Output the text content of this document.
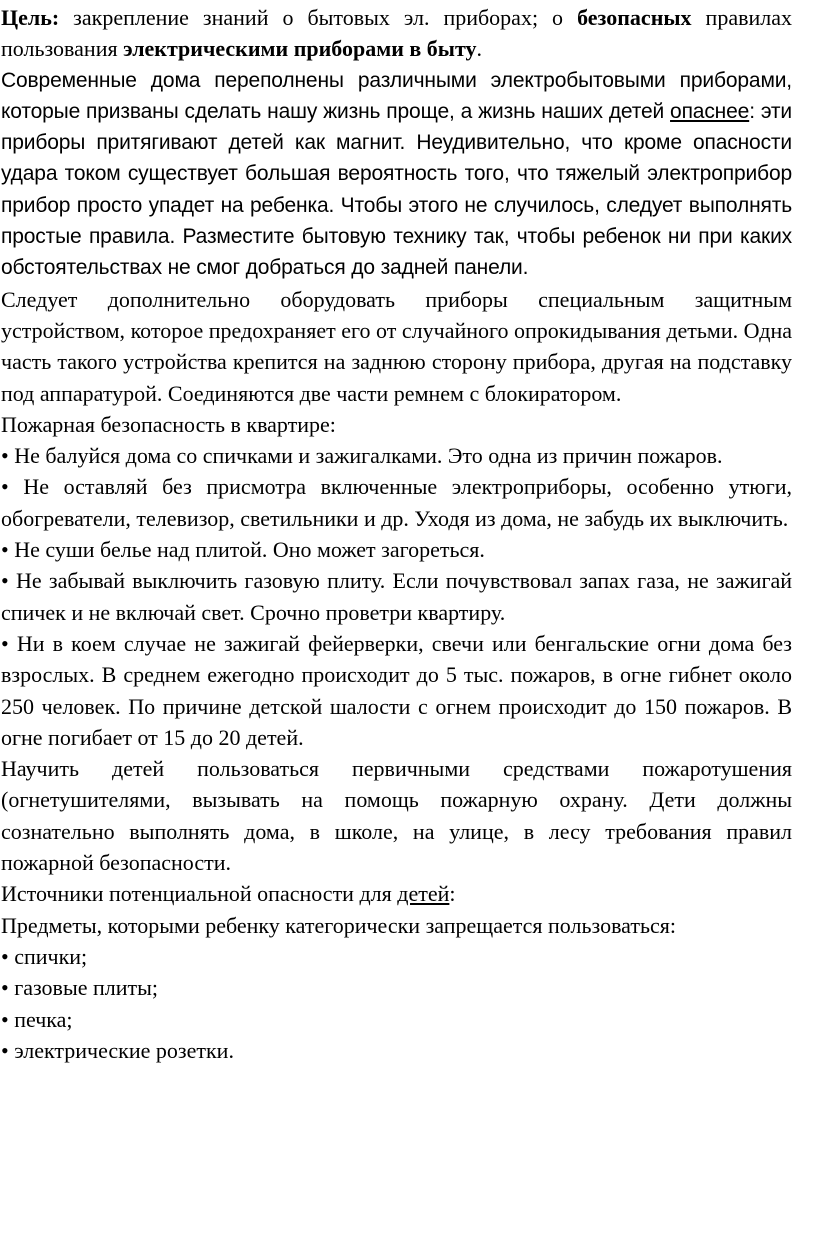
Цель: закрепление знаний о бытовых эл. приборах; о безопасных правилах пользования электрическими приборами в быту.

Современные дома переполнены различными электробытовыми приборами, которые призваны сделать нашу жизнь проще, а жизнь наших детей опаснее: эти приборы притягивают детей как магнит. Неудивительно, что кроме опасности удара током существует большая вероятность того, что тяжелый электроприбор прибор просто упадет на ребенка. Чтобы этого не случилось, следует выполнять простые правила. Разместите бытовую технику так, чтобы ребенок ни при каких обстоятельствах не смог добраться до задней панели.

Следует дополнительно оборудовать приборы специальным защитным устройством, которое предохраняет его от случайного опрокидывания детьми. Одна часть такого устройства крепится на заднюю сторону прибора, другая на подставку под аппаратурой. Соединяются две части ремнем с блокиратором.

Пожарная безопасность в квартире:

• Не балуйся дома со спичками и зажигалками. Это одна из причин пожаров.

• Не оставляй без присмотра включенные электроприборы, особенно утюги, обогреватели, телевизор, светильники и др. Уходя из дома, не забудь их выключить.

• Не суши белье над плитой. Оно может загореться.

• Не забывай выключить газовую плиту. Если почувствовал запах газа, не зажигай спичек и не включай свет. Срочно проветри квартиру.

• Ни в коем случае не зажигай фейерверки, свечи или бенгальские огни дома без взрослых. В среднем ежегодно происходит до 5 тыс. пожаров, в огне гибнет около 250 человек. По причине детской шалости с огнем происходит до 150 пожаров. В огне погибает от 15 до 20 детей.

Научить детей пользоваться первичными средствами пожаротушения (огнетушителями, вызывать на помощь пожарную охрану. Дети должны сознательно выполнять дома, в школе, на улице, в лесу требования правил пожарной безопасности.

Источники потенциальной опасности для детей:

Предметы, которыми ребенку категорически запрещается пользоваться:

• спички;

• газовые плиты;

• печка;

• электрические розетки.
